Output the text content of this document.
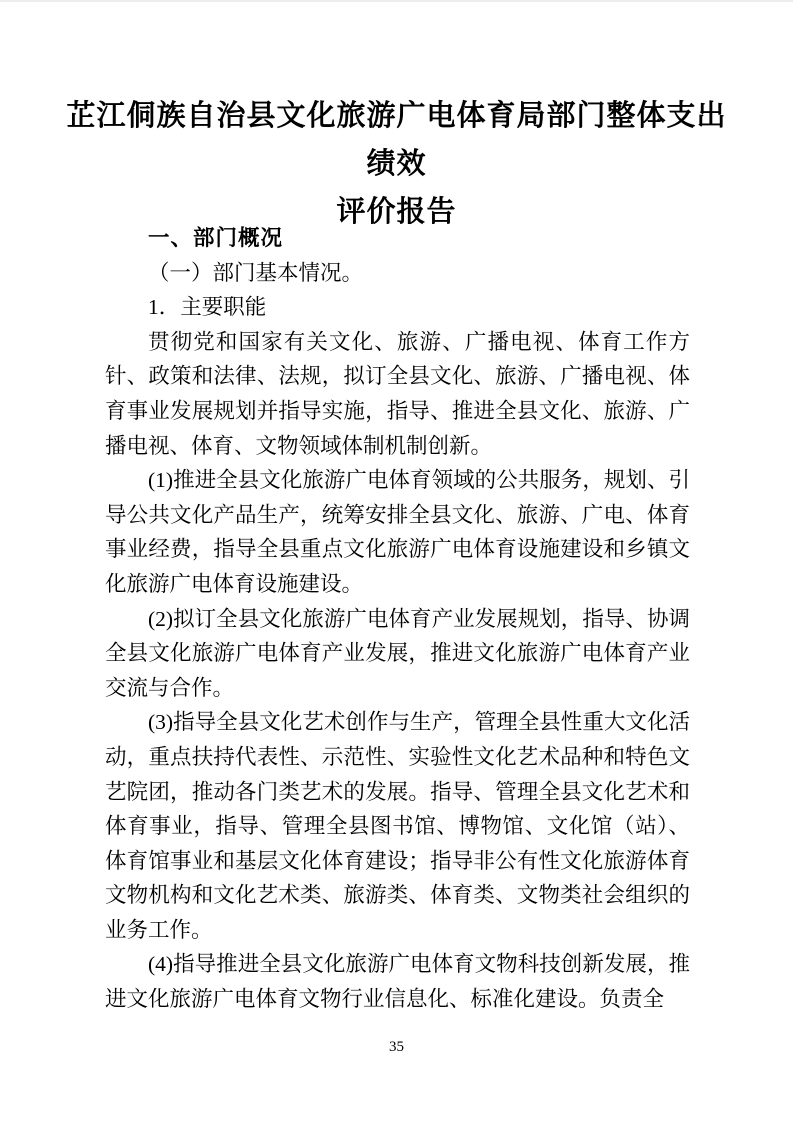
芷江侗族自治县文化旅游广电体育局部门整体支出绩效
评价报告

一、部门概况

（一）部门基本情况。

1．主要职能

贯彻党和国家有关文化、旅游、广播电视、体育工作方针、政策和法律、法规，拟订全县文化、旅游、广播电视、体育事业发展规划并指导实施，指导、推进全县文化、旅游、广播电视、体育、文物领域体制机制创新。

(1)推进全县文化旅游广电体育领域的公共服务，规划、引导公共文化产品生产，统筹安排全县文化、旅游、广电、体育事业经费，指导全县重点文化旅游广电体育设施建设和乡镇文化旅游广电体育设施建设。

(2)拟订全县文化旅游广电体育产业发展规划，指导、协调全县文化旅游广电体育产业发展，推进文化旅游广电体育产业交流与合作。

(3)指导全县文化艺术创作与生产，管理全县性重大文化活动，重点扶持代表性、示范性、实验性文化艺术品种和特色文艺院团，推动各门类艺术的发展。指导、管理全县文化艺术和体育事业，指导、管理全县图书馆、博物馆、文化馆（站）、体育馆事业和基层文化体育建设；指导非公有性文化旅游体育文物机构和文化艺术类、旅游类、体育类、文物类社会组织的业务工作。

(4)指导推进全县文化旅游广电体育文物科技创新发展，推进文化旅游广电体育文物行业信息化、标准化建设。负责全

35
